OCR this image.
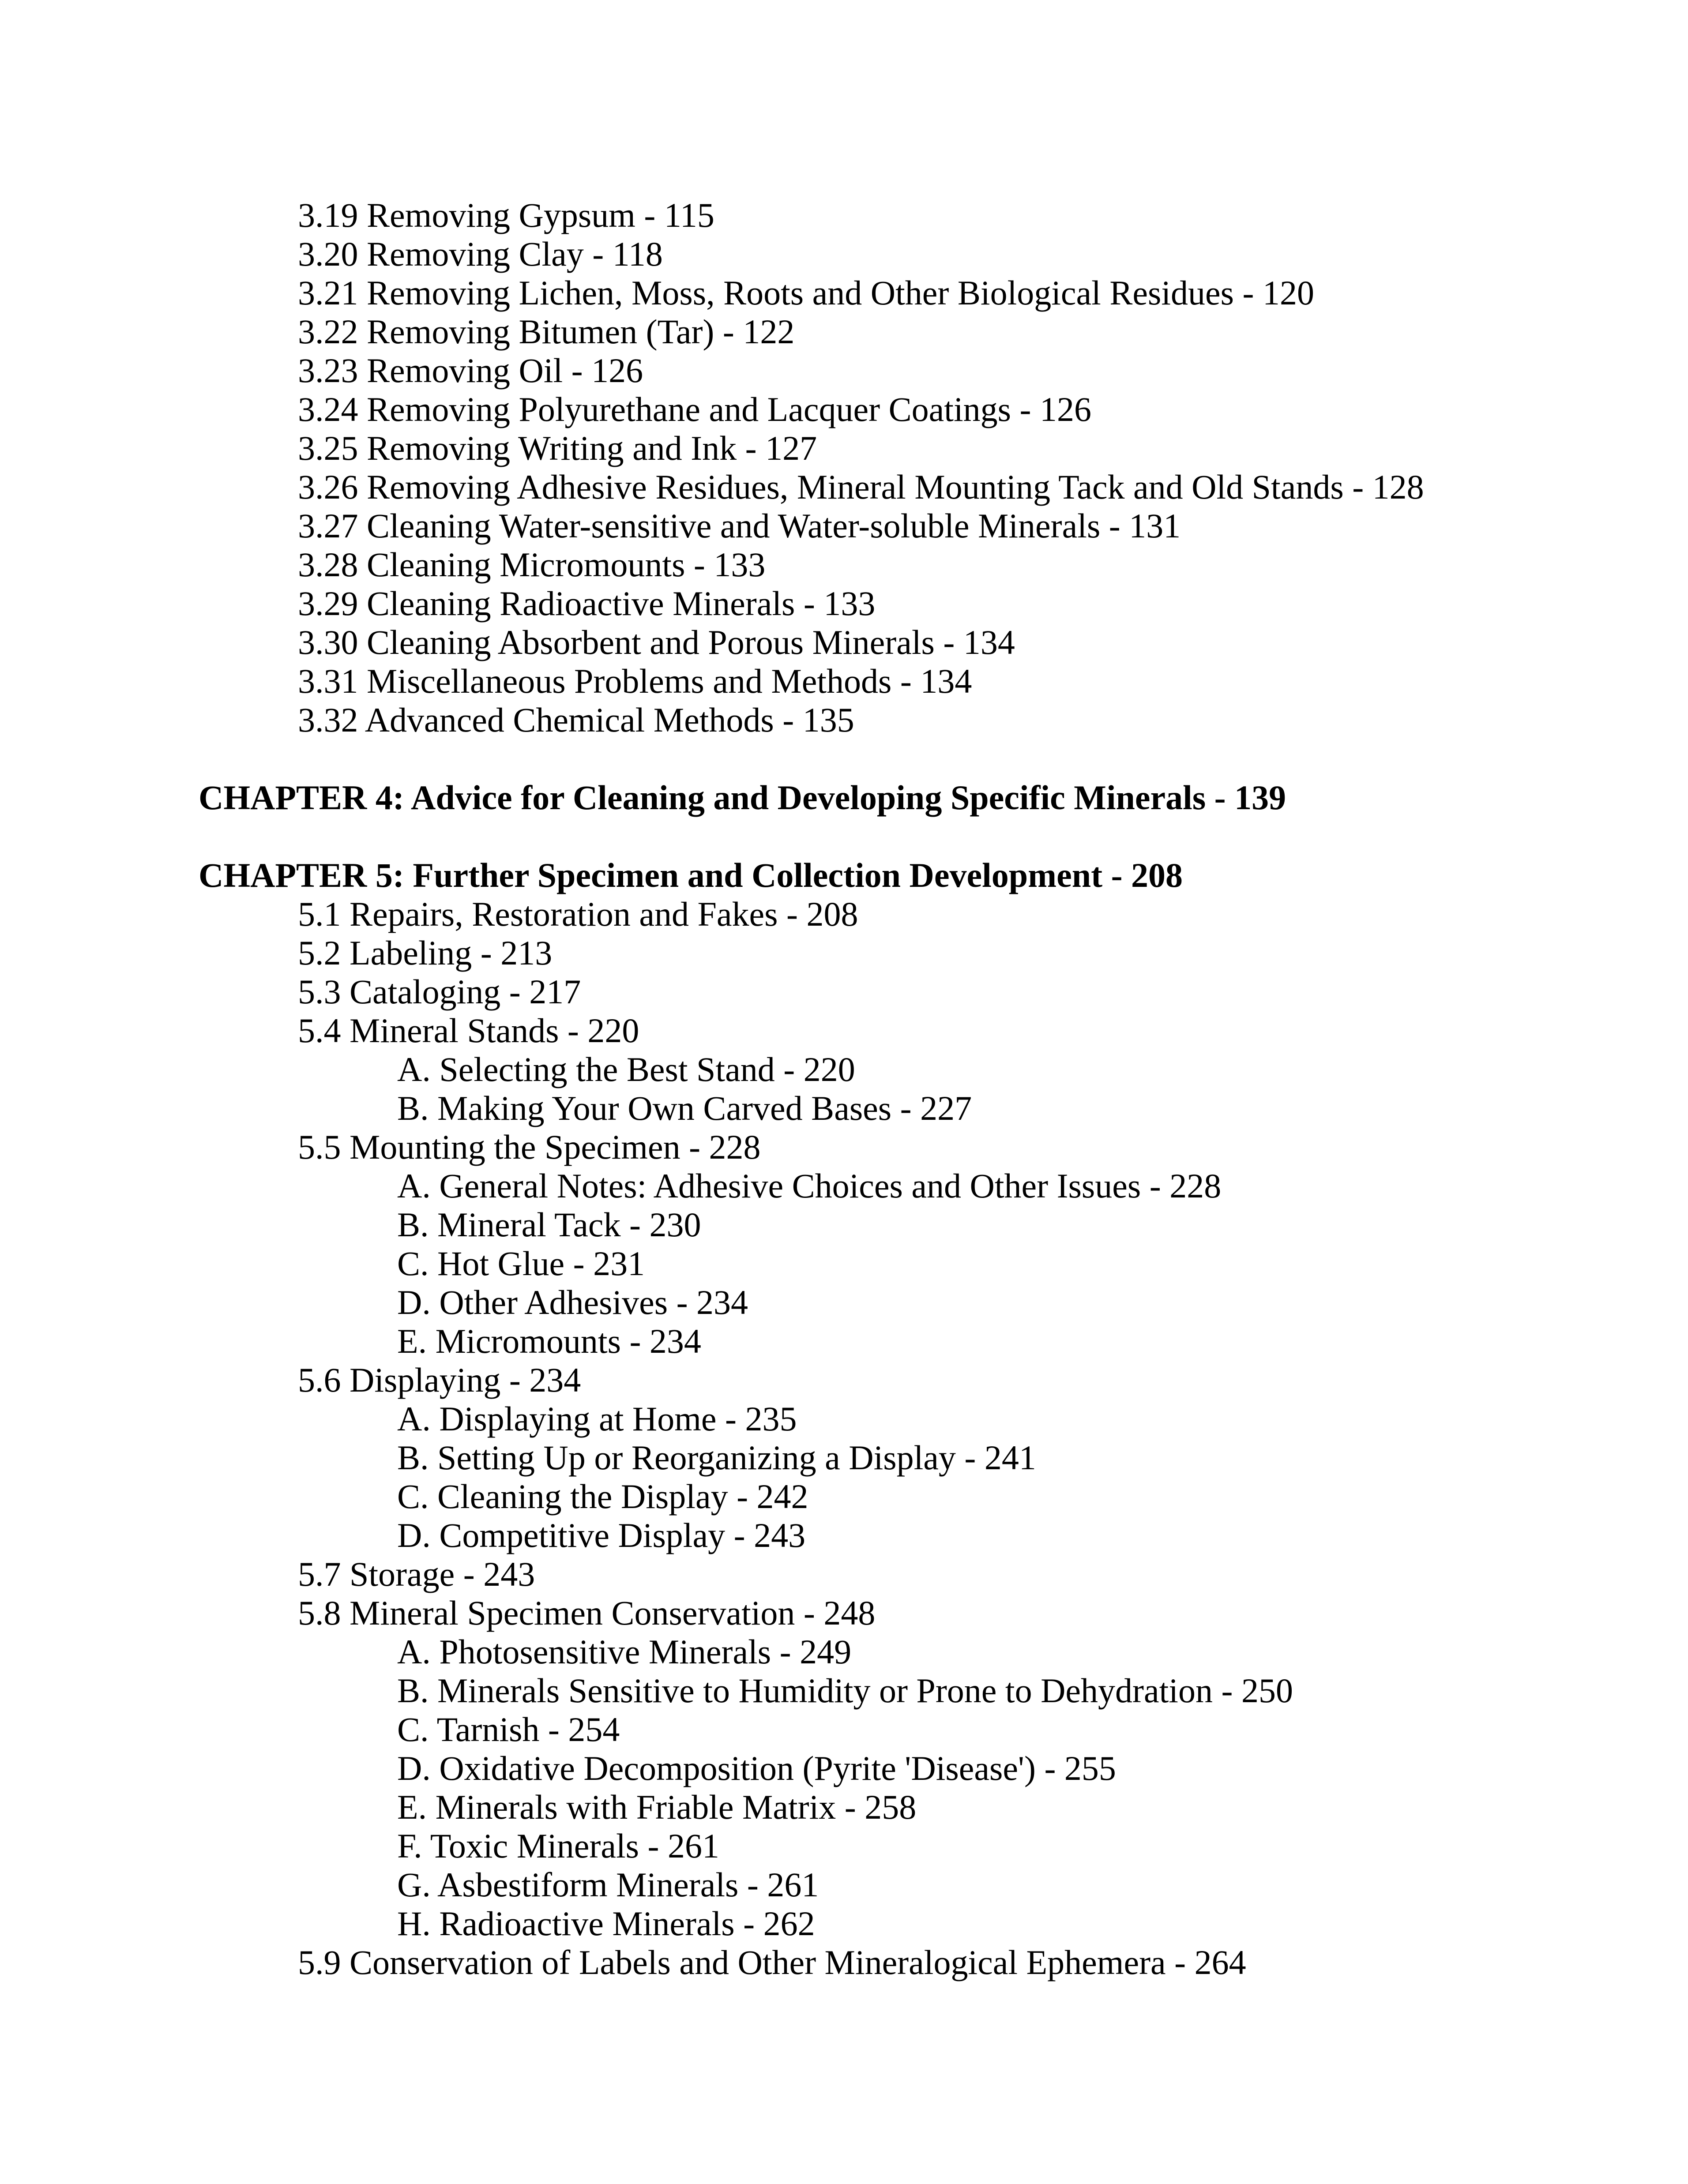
3.19 Removing Gypsum - 115
3.20 Removing Clay - 118
3.21 Removing Lichen, Moss, Roots and Other Biological Residues - 120
3.22 Removing Bitumen (Tar) - 122
3.23 Removing Oil - 126
3.24 Removing Polyurethane and Lacquer Coatings - 126
3.25 Removing Writing and Ink - 127
3.26 Removing Adhesive Residues, Mineral Mounting Tack and Old Stands - 128
3.27 Cleaning Water-sensitive and Water-soluble Minerals - 131
3.28 Cleaning Micromounts - 133
3.29 Cleaning Radioactive Minerals - 133
3.30 Cleaning Absorbent and Porous Minerals - 134
3.31 Miscellaneous Problems and Methods - 134
3.32 Advanced Chemical Methods - 135
CHAPTER 4: Advice for Cleaning and Developing Specific Minerals - 139
CHAPTER 5: Further Specimen and Collection Development - 208
5.1 Repairs, Restoration and Fakes - 208
5.2 Labeling - 213
5.3 Cataloging - 217
5.4 Mineral Stands - 220
A. Selecting the Best Stand - 220
B. Making Your Own Carved Bases - 227
5.5 Mounting the Specimen - 228
A. General Notes: Adhesive Choices and Other Issues - 228
B. Mineral Tack - 230
C. Hot Glue - 231
D. Other Adhesives - 234
E. Micromounts - 234
5.6 Displaying - 234
A. Displaying at Home - 235
B. Setting Up or Reorganizing a Display - 241
C. Cleaning the Display - 242
D. Competitive Display - 243
5.7 Storage - 243
5.8 Mineral Specimen Conservation - 248
A. Photosensitive Minerals - 249
B. Minerals Sensitive to Humidity or Prone to Dehydration - 250
C. Tarnish - 254
D. Oxidative Decomposition (Pyrite 'Disease') - 255
E. Minerals with Friable Matrix - 258
F. Toxic Minerals - 261
G. Asbestiform Minerals - 261
H. Radioactive Minerals - 262
5.9 Conservation of Labels and Other Mineralogical Ephemera - 264
